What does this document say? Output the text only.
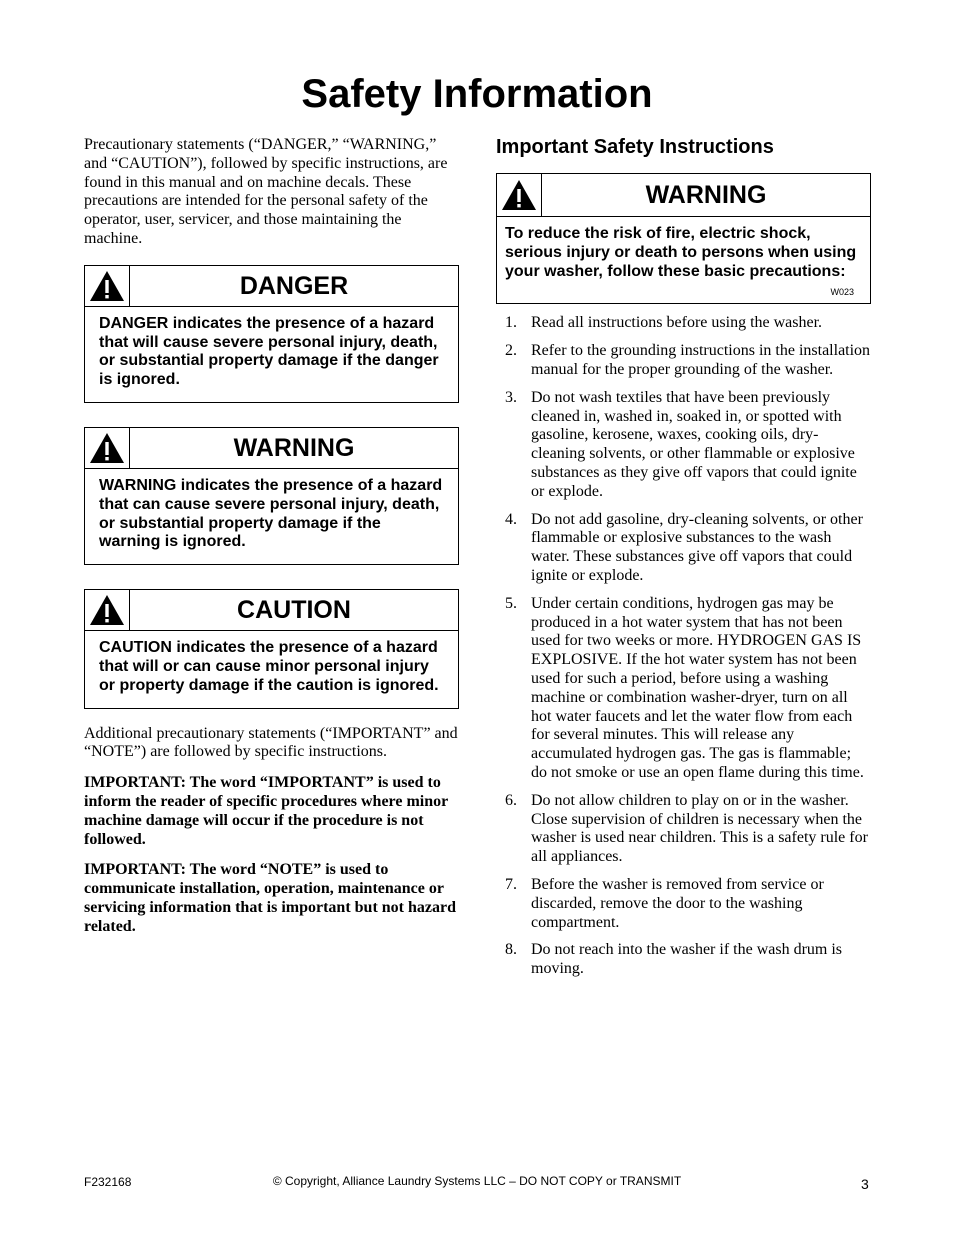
Safety Information

Precautionary statements (“DANGER,” “WARNING,” and “CAUTION”), followed by specific instructions, are found in this manual and on machine decals. These precautions are intended for the personal safety of the operator, user, servicer, and those maintaining the machine.

DANGER
DANGER indicates the presence of a hazard that will cause severe personal injury, death, or substantial property damage if the danger is ignored.
WARNING
WARNING indicates the presence of a hazard that can cause severe personal injury, death, or substantial property damage if the warning is ignored.
CAUTION
CAUTION indicates the presence of a hazard that will or can cause minor personal injury or property damage if the caution is ignored.

Additional precautionary statements (“IMPORTANT” and “NOTE”) are followed by specific instructions.

IMPORTANT: The word “IMPORTANT” is used to inform the reader of specific procedures where minor machine damage will occur if the procedure is not followed.

IMPORTANT: The word “NOTE” is used to communicate installation, operation, maintenance or servicing information that is important but not hazard related.

Important Safety Instructions
WARNING
To reduce the risk of fire, electric shock, serious injury or death to persons when using your washer, follow these basic precautions:
W023
1. Read all instructions before using the washer.
2. Refer to the grounding instructions in the installation manual for the proper grounding of the washer.
3. Do not wash textiles that have been previously cleaned in, washed in, soaked in, or spotted with gasoline, kerosene, waxes, cooking oils, dry-cleaning solvents, or other flammable or explosive substances as they give off vapors that could ignite or explode.
4. Do not add gasoline, dry-cleaning solvents, or other flammable or explosive substances to the wash water. These substances give off vapors that could ignite or explode.
5. Under certain conditions, hydrogen gas may be produced in a hot water system that has not been used for two weeks or more. HYDROGEN GAS IS EXPLOSIVE. If the hot water system has not been used for such a period, before using a washing machine or combination washer-dryer, turn on all hot water faucets and let the water flow from each for several minutes. This will release any accumulated hydrogen gas. The gas is flammable; do not smoke or use an open flame during this time.
6. Do not allow children to play on or in the washer. Close supervision of children is necessary when the washer is used near children. This is a safety rule for all appliances.
7. Before the washer is removed from service or discarded, remove the door to the washing compartment.
8. Do not reach into the washer if the wash drum is moving.
F232168	© Copyright, Alliance Laundry Systems LLC – DO NOT COPY or TRANSMIT	3
